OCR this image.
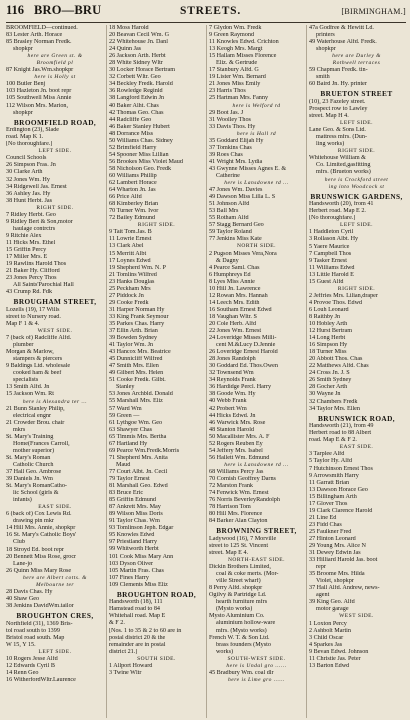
116 BRO—BRU	STREETS.	[BIRMINGHAM.]
BROOMFIELD—continued.
83 Lester Arth. Horace
85 Brasley Norman Fredk.
shopkpr
here are Green st. &
Broomfield pl
87 Knight Jas.Wm.shopkpr
here is Holly st
100 Butler Benj
103 Hazleton Jn. boot repr
105 Southwell Miss Annie
112 Wilson Mrs. Marion,
shopkpr
BROOMFIELD ROAD,
Erdington (23), Slade
road. Map K 1.
[No thoroughfare.]
LEFT SIDE.
Council Schools
26 Simpson Fras. Jn
30 Clarke Arth
32 Jones Wm. Hy
34 Ridgewell Jas. Ernest
36 Ashley Jas. Hy
38 Hunt Herbt. Jas
RIGHT SIDE.
7 Ridley Herbt. Geo
9 Ridley Bert & Son,motor
haulage contrctrs
9 Ritchie Alex
11 Hicks Mrs. Ethel
15 Griffin Percy
17 Miller Mrs. E
19 Rawlins Harold Thos
21 Baker Hy. Clifford
23 Jones Percy Thos
All Saints'Parochial Hall
43 Crump Rd. Fdk
BROUGHAM STREET,
Lozells (19), 17 Wills
street to Nursery road.
Map F 1 & 4.
WEST SIDE.
7 (back of) Radcliffe Alfd.
plumber
Morgan & Marlow,
stampers & piercers
9 Baldings Ltd. wholesale
cooked ham & beef
specialists
13 Smith Alfd. Jn
15 Jackson Wm. Rt
here is Alexandra ter ...
21 Bunn Stanley Philip,
electrical engnr
21 Crowder Brou. chair
mkrs
St. Mary's Training
Home(Frances Carroll,
mother superior)
St. Mary's Roman
Catholic Church
37 Hall Geo. Ambrose
39 Daniels Jn. Wm
St. Mary's RomanCatho-
lic School (girls &
infants)
EAST SIDE.
6 (back of) Cox Lewis Rd.
drawing pin mkr
14 Hill Mrs. Annie, shopkpr
16 St. Mary's Catholic Boys'
Club
18 Stroyd Ed. boot repr
20 Bennett Miss Rose, grocr
Lane-jo
26 Quinn Miss Mary Rose
here are Albert cotts. &
Melbourne ter
28 Davis Chas. Hy
40 Shaw Geo
38 Jenkins DavidWm.tailor
BROUGHTON CRES,
Northfield (31), 1369 Bris-
tol road south to 1399
Bristol road south. Map
W 15, Y 15.
LEFT SIDE.
10 Rogers Jesse Alfd
12 Edwards Cyril B
14 Renn Geo
16 WitherfordWltr.Laurence
18 Moss Harold
20 Beavan Cecil Wm. G
22 Whitehouse Jn. Danl
24 Quinn Jas
26 Jackson Arth. Herbt
28 White Sidney Wltr
30 Locker Horace Bertram
32 Corbett Wltr. Geo
34 Beckley Fredk. Harold
36 Rowledge Reginld
38 Langford Edwin Jn
40 Baker Alht. Chas
42 Thomas Geo. Chas
44 Radcliffe Geo
46 Baker Stanley Hubert
48 Dorrance Miss
50 Williams Chas. Sidney
52 Brimfield Harry
54 Spooner Miss Lillian
56 Brookes Miss Violet Maud
58 Nicholson Geo. Fredk
60 Williams Phillip
62 Lambert Horace
64 Wharton Jn. Jas
66 Price Alfd
68 Kimberley Brian
70 Turner Wm. Ivor
72 Bailey Edmund
RIGHT SIDE.
9 Tait Tom.Jas. B
11 Lowrie Ernest
13 Clark Abel
15 Merritt Albt
17 Loynes Edwd
19 Shepherd Wm. N. P
21 Tomlins Wilfred
23 Hanks Douglas
25 Peckham Mrs
27 Piddock Jn
29 Cooke Fredk
31 Harper Norman Hy
33 King Frank Seymour
35 Parkes Chas. Harry
37 Ellin Arth. Brian
39 Bowden Sydney
41 Taylor Wm. Jn
43 Hancox Mrs. Beatrice
45 Dunnicliff Wilfred
47 Smith Mrs. Ellen
49 Gilbert Mrs. Helen
51 Cooke Fredk. Gilbt.
Stanley
53 Jones Archbld. Donald
55 Marshall Mrs. Eliz
57 Ward Wm
59 Green —
61 Lythgoe Wm. Geo
63 Shawyer Chas
65 Timmis Mrs. Bertha
67 Hartland Hy
69 Pearce Wm.Fredk.Morris
71 Shepherd Mrs. Anita
Maud
77 Court Albt. Jn. Cecil
79 Taylor Ernest
81 Marshall Geo. Edwd
83 Bruce Eric
85 Griffin Edmund
87 Ankrett Mrs. May
89 Wilson Miss Doris
91 Taylor Chas. Wm
93 Tomlinson Jeph. Edgar
95 Knowles Edwd
97 Priestland Harry
99 Whitworth Herbt
101 Cook Miss Mary Ann
103 Dyson Oliver
105 Martin Fras. Chas
107 Fines Harry
109 Clements Miss Eliz
BROUGHTON ROAD,
Handsworth (18), 111
Hamstead road to 84
Whitehall road. Map E
& F 2.
[Nos. 1 to 35 & 2 to 60 are in
postal district 20 & the
remainder are in postal
district 21.]
SOUTH SIDE.
1 Allport Howard
3 Twine Wltr
7 Glydon Wm. Fredk
9 Green Raymond
11 Knowles Edwd. Crichton
13 Keogh Mrs. Margt
15 Hallam Misses Florence
Eliz. & Gertrude
17 Stanbury Alfd. G
19 Lister Wm. Bernard
21 Jones Miss Emily
23 Harris Thos
25 Hartman Mrs. Fanny
here is Welford rd
29 Boot Jas. J
31 Woolley Thos
33 Davis Thos. Hy
here is Hall rd
35 Goddard Elijah Hy
37 Tomkins Chas
39 Roes Chas
41 Wright Mrs. Lydia
43 Gwynne Misses Agnes E. &
Catherine
here is Lansdowne rd ...
47 Jones Wm. Davies
49 Dawson Miss Lilla L. S
51 Johnson Alfd
53 Ball Mrs
55 Rotham Alfd
57 Stagg Bernard Geo
59 Taylor Roland
77 Jenkins Miss Kate
NORTH SIDE.
2 Pugson Misses Vera,Nora
& Dagny
4 Pearce Saml. Chas
6 Humphreys Ed
8 Lyes Miss Annie
10 Hill Jn. Lawrence
12 Rowan Mrs. Hannah
14 Leech Mrs. Edith
16 Southam Ernest Edwd
18 Vaughan Wltr. S
20 Cole Herb. Alfd
22 Jones Wm. Ernest
24 Loveridge Misses Milli-
cent M.&Lucy D.Jennie
26 Loveridge Ernest Harold
28 Jones Randolph
30 Goddard Ed. Thos.Owen
32 Townsend Wm
34 Reynolds Frank
36 Hardidge Percl. Harry
38 Goode Wm. Hy
40 Webb Frank
42 Probert Wm
44 Hicks Edwd. Jn
46 Warwick Mrs. Rose
48 Stanton Harold
50 Macallister Mrs. A. F
52 Rogers Reuben Ey
54 Jeffery Mrs. Isabel
56 Hallett Wm. Edmund
here is Lansdowne rd ...
68 Williams Percy Jas
70 Cornish Geoffrey Darns
72 Marston Frank
74 Fenwick Wm. Ernest
76 Norris BeverleyRandolph
78 Harrison Tom
80 Hill Mrs. Florence
84 Barker Alan Clayton
BROWNING STREET,
Ladywood (16), 7 Morville
street to 125 St. Vincent
street. Map E 4.
NORTH-EAST SIDE.
Dickin Brothers Limited,
coal & coke merts. (Mor-
ville Street wharf)
8 Perry Alfd. shopkpr
Ogilvy & Partridge Ld.
hearth furniture mfrs
(Mysto works)
Mysto Aluminium Co.
aluminium hollow-ware
mfrs. (Mysto works)
French W. T. & Son Ltd.
brass founders (Mysto
works)
SOUTH-WEST SIDE.
here is Undal gro ......
45 Bradbury Wm. coal dlr
here is Lime gro ......
47a Godfree & Hewitt Ld.
printers
49 Waterhouse Alfd. Fredk.
shopkpr
here are Durley &
Rothwell terraces
59 Chapman Fredk. tin-
smith
60 Baird Jn. Hy. printer
BRUETON STREET
(10), 23 Fazeley street.
Prospect row to Lawley
street. Map H 4.
LEFT SIDE.
Lane Geo. & Sons Ltd.
mattress mfrs. (Dun-
ling works)
RIGHT SIDE.
Whitehouse William &
Co. Limited,gasfitting
mfrs. (Brueton works)
here is Crockford street
ing into Woodcock st
BRUNSWICK GARDENS,
Handsworth (20), from 41
Herbert road. Map E 2.
[No thoroughfare.]
LEFT SIDE.
1 Haddleton Cyril
3 Rollason Albt. Hy
5 Yaere Maurice
7 Campbell Thos
9 Tasker Ernest
11 Williams Edwd
13 Little Harold E
15 Guest Alfd
RIGHT SIDE.
2 Jeffries Mrs. Lilian,draper
4 Provoe Thos. Edwd
6 Louh Leonard
8 Raithby Jn
10 Hobley Arth
12 Hurst Bertram
14 Long Herbt
16 Simpson Hy
18 Turner Miss
20 Abbott Thos. Chas
22 Matthews Alfd. Chas
24 Cross Jn. J. S
26 Smith Sydney
28 Gocher Arth
30 Wayne Jn
32 Chambers Fredk
34 Taylor Mrs. Ellen
BRUNSWICK ROAD,
Handsworth (21), from 49
Herbert road to 88 Albert
road. Map E & F 2.
EAST SIDE.
3 Tarplee Alfd
5 Taylor Hy. Alfd
7 Hutchinson Ernest Thos
9 Arrowsmith Harry
11 Garratt Brian
13 Dawson Horace Geo
15 Billingham Arth
17 Glover Thos
19 Clark Clarence Harold
21 Line Ed
23 Fidd Chas
25 Faulkner Fred
27 Hinton Leonard
29 Young Mrs. Alice N
31 Dewey Edwin Jas
33 Hilliard Harold Jas. boot
repr
35 Broome Mrs. Hilda
Violet, shopkpr
37 Hall Alfd. Andrew, news-
agent
39 King Geo. Alfd
motor garage
WEST SIDE.
1 Loxton Percy
2 Ashbolt Martin
3 Child Oscar
4 Sparkes Jas
9 Bevan Edwd. Johnson
11 Christie Jas. Peter
13 Barton Edwd
